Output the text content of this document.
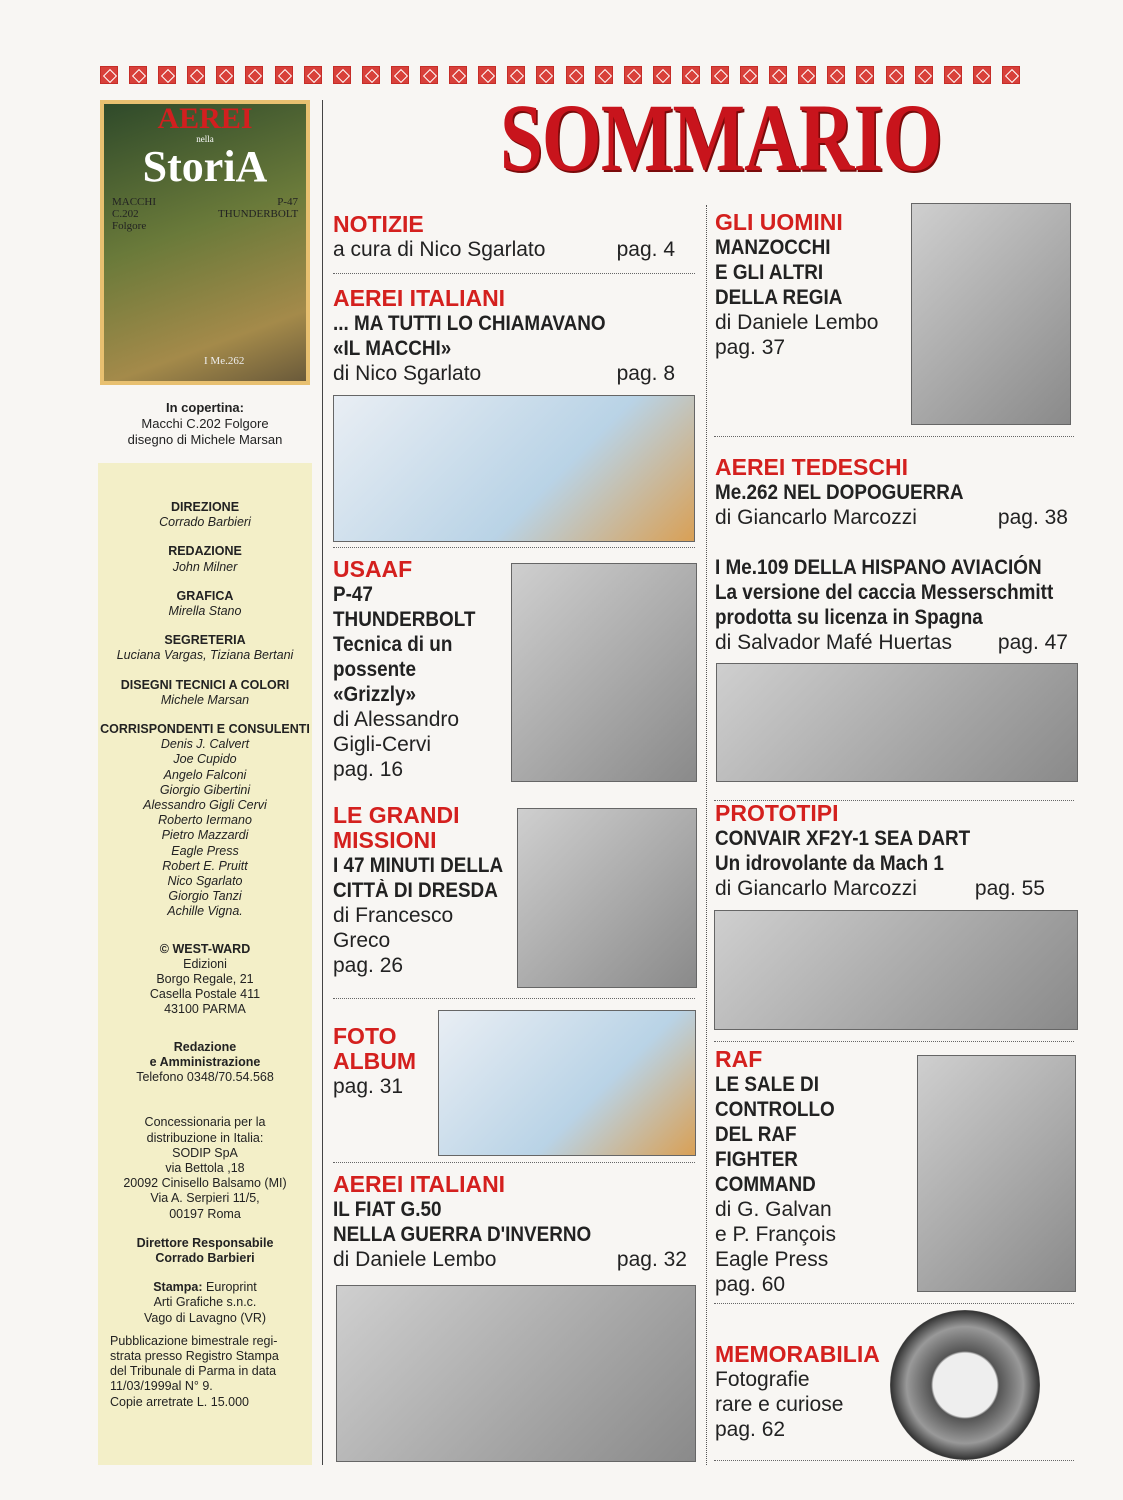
AEREI
nella
StoriA
MACCHI C.202 Folgore
P-47 THUNDERBOLT
I Me.262
In copertina:
Macchi C.202 Folgore
disegno di Michele Marsan
DIREZIONE
Corrado Barbieri
REDAZIONE
John Milner
GRAFICA
Mirella Stano
SEGRETERIA
Luciana Vargas, Tiziana Bertani
DISEGNI TECNICI A COLORI
Michele Marsan
CORRISPONDENTI E CONSULENTI
Denis J. Calvert
Joe Cupido
Angelo Falconi
Giorgio Gibertini
Alessandro Gigli Cervi
Roberto Iermano
Pietro Mazzardi
Eagle Press
Robert E. Pruitt
Nico Sgarlato
Giorgio Tanzi
Achille Vigna.
© WEST-WARD
Edizioni
Borgo Regale, 21
Casella Postale 411
43100 PARMA
Redazione
e Amministrazione
Telefono 0348/70.54.568
Concessionaria per la
distribuzione in Italia:
SODIP SpA
via Bettola ,18
20092 Cinisello Balsamo (MI)
Via A. Serpieri 11/5,
00197 Roma
Direttore Responsabile
Corrado Barbieri
Stampa: Europrint
Arti Grafiche s.n.c.
Vago di Lavagno (VR)
Pubblicazione bimestrale regi-
strata presso Registro Stampa
del Tribunale di Parma in data
11/03/1999al N° 9.
Copie arretrate L. 15.000
SOMMARIO
NOTIZIE
a cura di Nico Sgarlato	pag. 4
AEREI ITALIANI
... MA TUTTI LO CHIAMAVANO
«IL MACCHI»
di Nico Sgarlato	pag. 8
USAAF
P-47
THUNDERBOLT
Tecnica di un
possente
«Grizzly»
di Alessandro
Gigli-Cervi
pag. 16
LE GRANDI MISSIONI
I 47 MINUTI DELLA
CITTÀ DI DRESDA
di Francesco Greco
pag. 26
FOTO ALBUM
pag. 31
AEREI ITALIANI
IL FIAT G.50
NELLA GUERRA D'INVERNO
di Daniele Lembo	pag. 32
GLI UOMINI
MANZOCCHI
E GLI ALTRI
DELLA REGIA
di Daniele Lembo
pag. 37
AEREI TEDESCHI
Me.262 NEL DOPOGUERRA
di Giancarlo Marcozzi	pag. 38
I Me.109 DELLA HISPANO AVIACIÓN
La versione del caccia Messerschmitt
prodotta su licenza in Spagna
di Salvador Mafé Huertas	pag. 47
PROTOTIPI
CONVAIR XF2Y-1 SEA DART
Un idrovolante da Mach 1
di Giancarlo Marcozzi	pag. 55
RAF
LE SALE DI
CONTROLLO
DEL RAF
FIGHTER
COMMAND
di G. Galvan
e P. François
Eagle Press
pag. 60
MEMORABILIA
Fotografie
rare e curiose
pag. 62
